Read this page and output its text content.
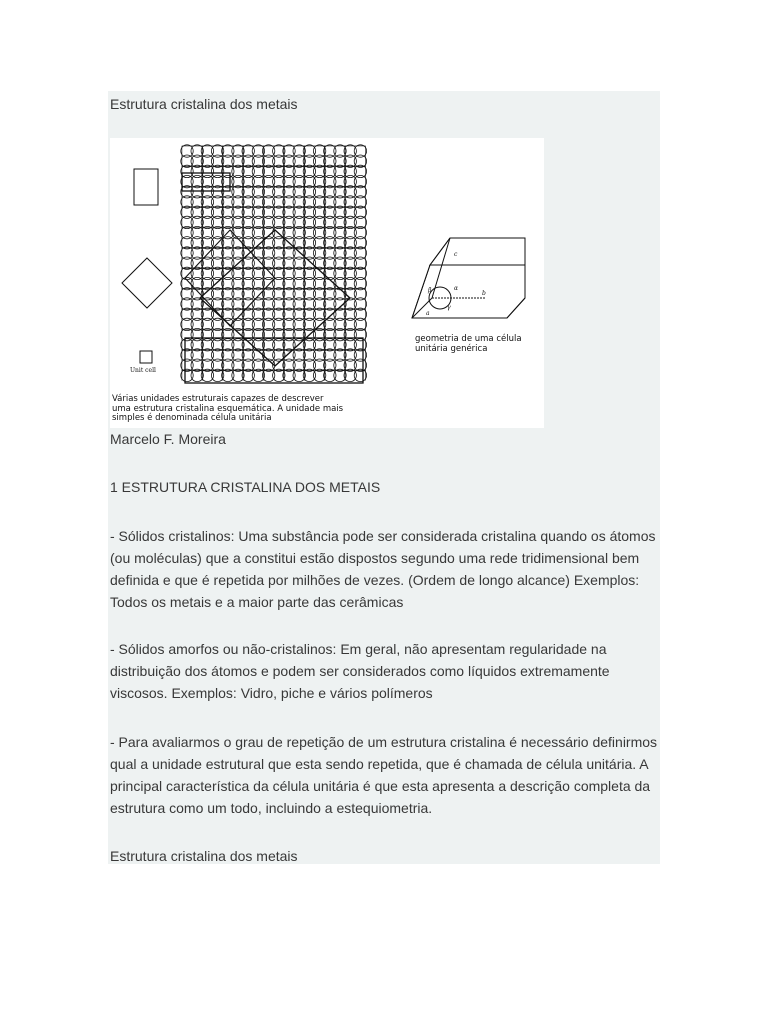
Estrutura cristalina dos metais
Unit cell
c
b
a
α
β
γ
geometria de uma célula
unitária genérica
Várias unidades estruturais capazes de descrever
uma estrutura cristalina esquemática. A unidade mais
simples é denominada célula unitária
Marcelo F. Moreira
1 ESTRUTURA CRISTALINA DOS METAIS
- Sólidos cristalinos: Uma substância pode ser considerada cristalina quando os átomos (ou moléculas) que a constitui estão dispostos segundo uma rede tridimensional bem definida e que é repetida por milhões de vezes. (Ordem de longo alcance) Exemplos: Todos os metais e a maior parte das cerâmicas
- Sólidos amorfos ou não-cristalinos: Em geral, não apresentam regularidade na distribuição dos átomos e podem ser considerados como líquidos extremamente viscosos. Exemplos: Vidro, piche e vários polímeros
- Para avaliarmos o grau de repetição de um estrutura cristalina é necessário definirmos qual a unidade estrutural que esta sendo repetida, que é chamada de célula unitária. A principal característica da célula unitária é que esta apresenta a descrição completa da estrutura como um todo, incluindo a estequiometria.
Estrutura cristalina dos metais
